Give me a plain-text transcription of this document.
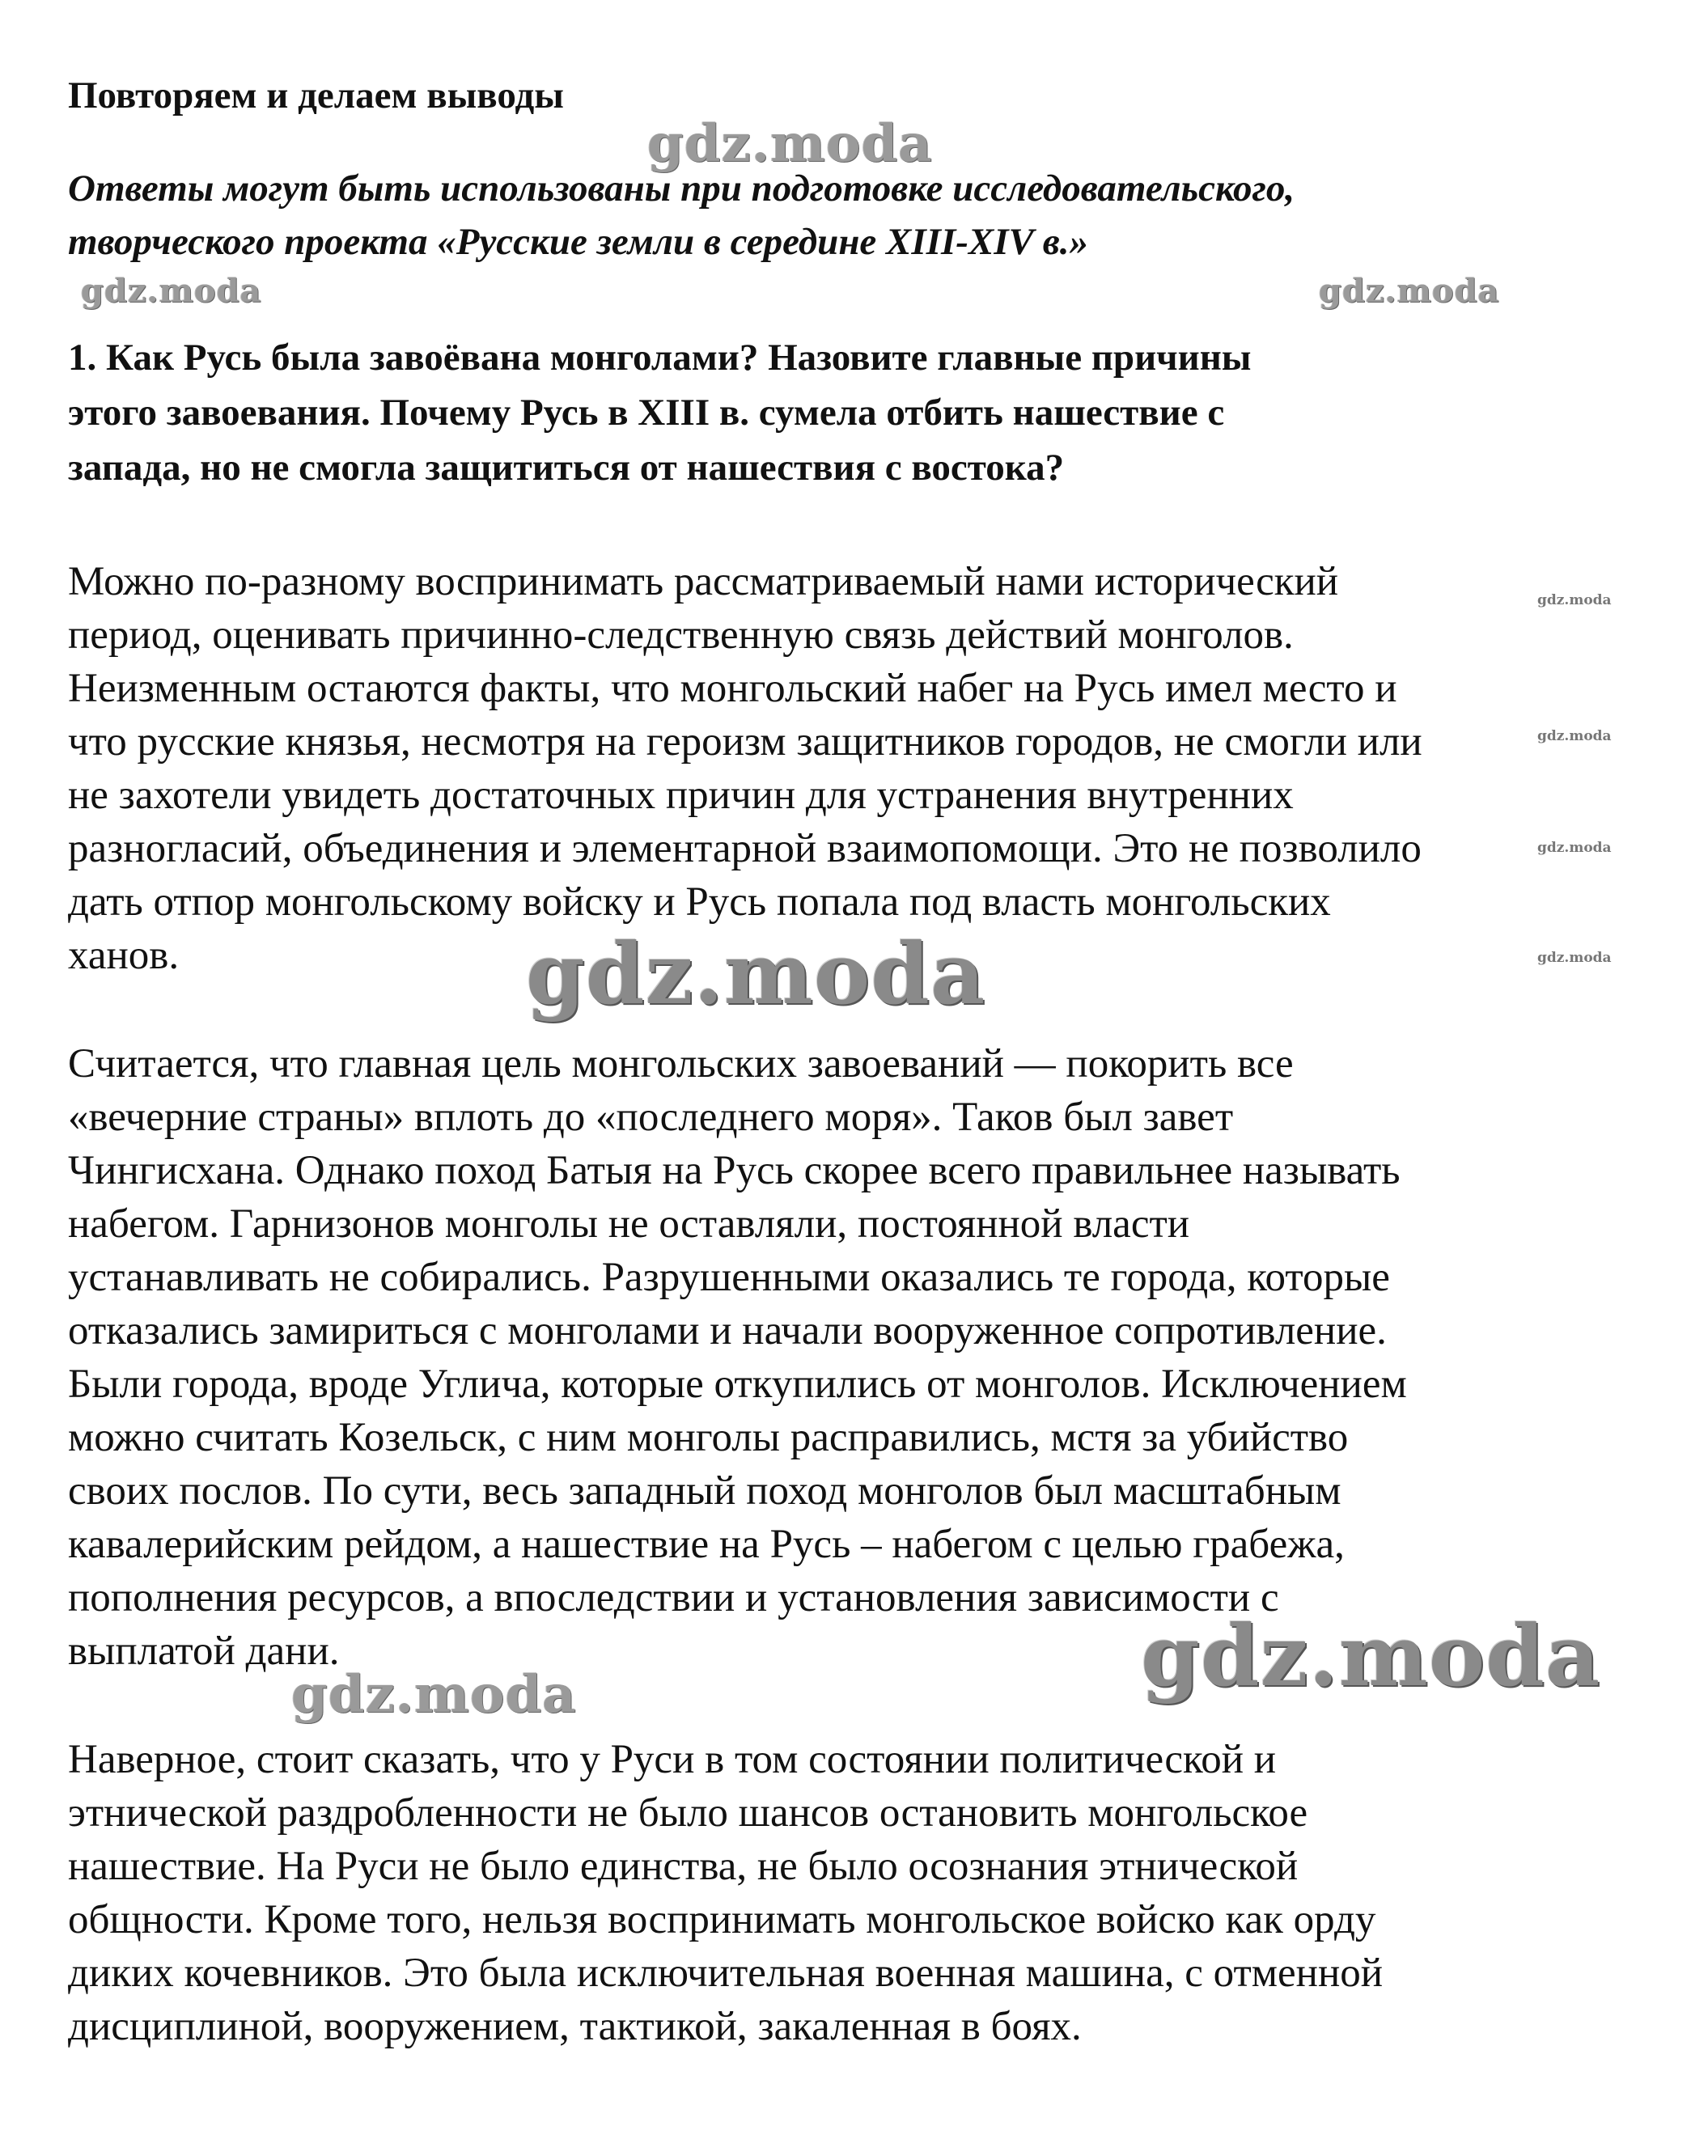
Повторяем и делаем выводы
Ответы могут быть использованы при подготовке исследовательского,
творческого проекта «Русские земли в середине XIII-XIV в.»
1. Как Русь была завоёвана монголами? Назовите главные причины
этого завоевания. Почему Русь в XIII в. сумела отбить нашествие с
запада, но не смогла защититься от нашествия с востока?

Можно по-разному воспринимать рассматриваемый нами исторический
период, оценивать причинно-следственную связь действий монголов.
Неизменным остаются факты, что монгольский набег на Русь имел место и
что русские князья, несмотря на героизм защитников городов, не смогли или
не захотели увидеть достаточных причин для устранения внутренних
разногласий, объединения и элементарной взаимопомощи. Это не позволило
дать отпор монгольскому войску и Русь попала под власть монгольских
ханов.

Считается, что главная цель монгольских завоеваний — покорить все
«вечерние страны» вплоть до «последнего моря». Таков был завет
Чингисхана. Однако поход Батыя на Русь скорее всего правильнее называть
набегом. Гарнизонов монголы не оставляли, постоянной власти
устанавливать не собирались. Разрушенными оказались те города, которые
отказались замириться с монголами и начали вооруженное сопротивление.
Были города, вроде Углича, которые откупились от монголов. Исключением
можно считать Козельск, с ним монголы расправились, мстя за убийство
своих послов. По сути, весь западный поход монголов был масштабным
кавалерийским рейдом, а нашествие на Русь – набегом с целью грабежа,
пополнения ресурсов, а впоследствии и установления зависимости с
выплатой дани.

Наверное, стоит сказать, что у Руси в том состоянии политической и
этнической раздробленности не было шансов остановить монгольское
нашествие. На Руси не было единства, не было осознания этнической
общности. Кроме того, нельзя воспринимать монгольское войско как орду
диких кочевников. Это была исключительная военная машина, с отменной
дисциплиной, вооружением, тактикой, закаленная в боях.

gdz.moda
gdz.moda	gdz.moda
gdz.moda
gdz.moda
gdz.moda
gdz.moda
gdz.moda
gdz.moda
gdz.moda
